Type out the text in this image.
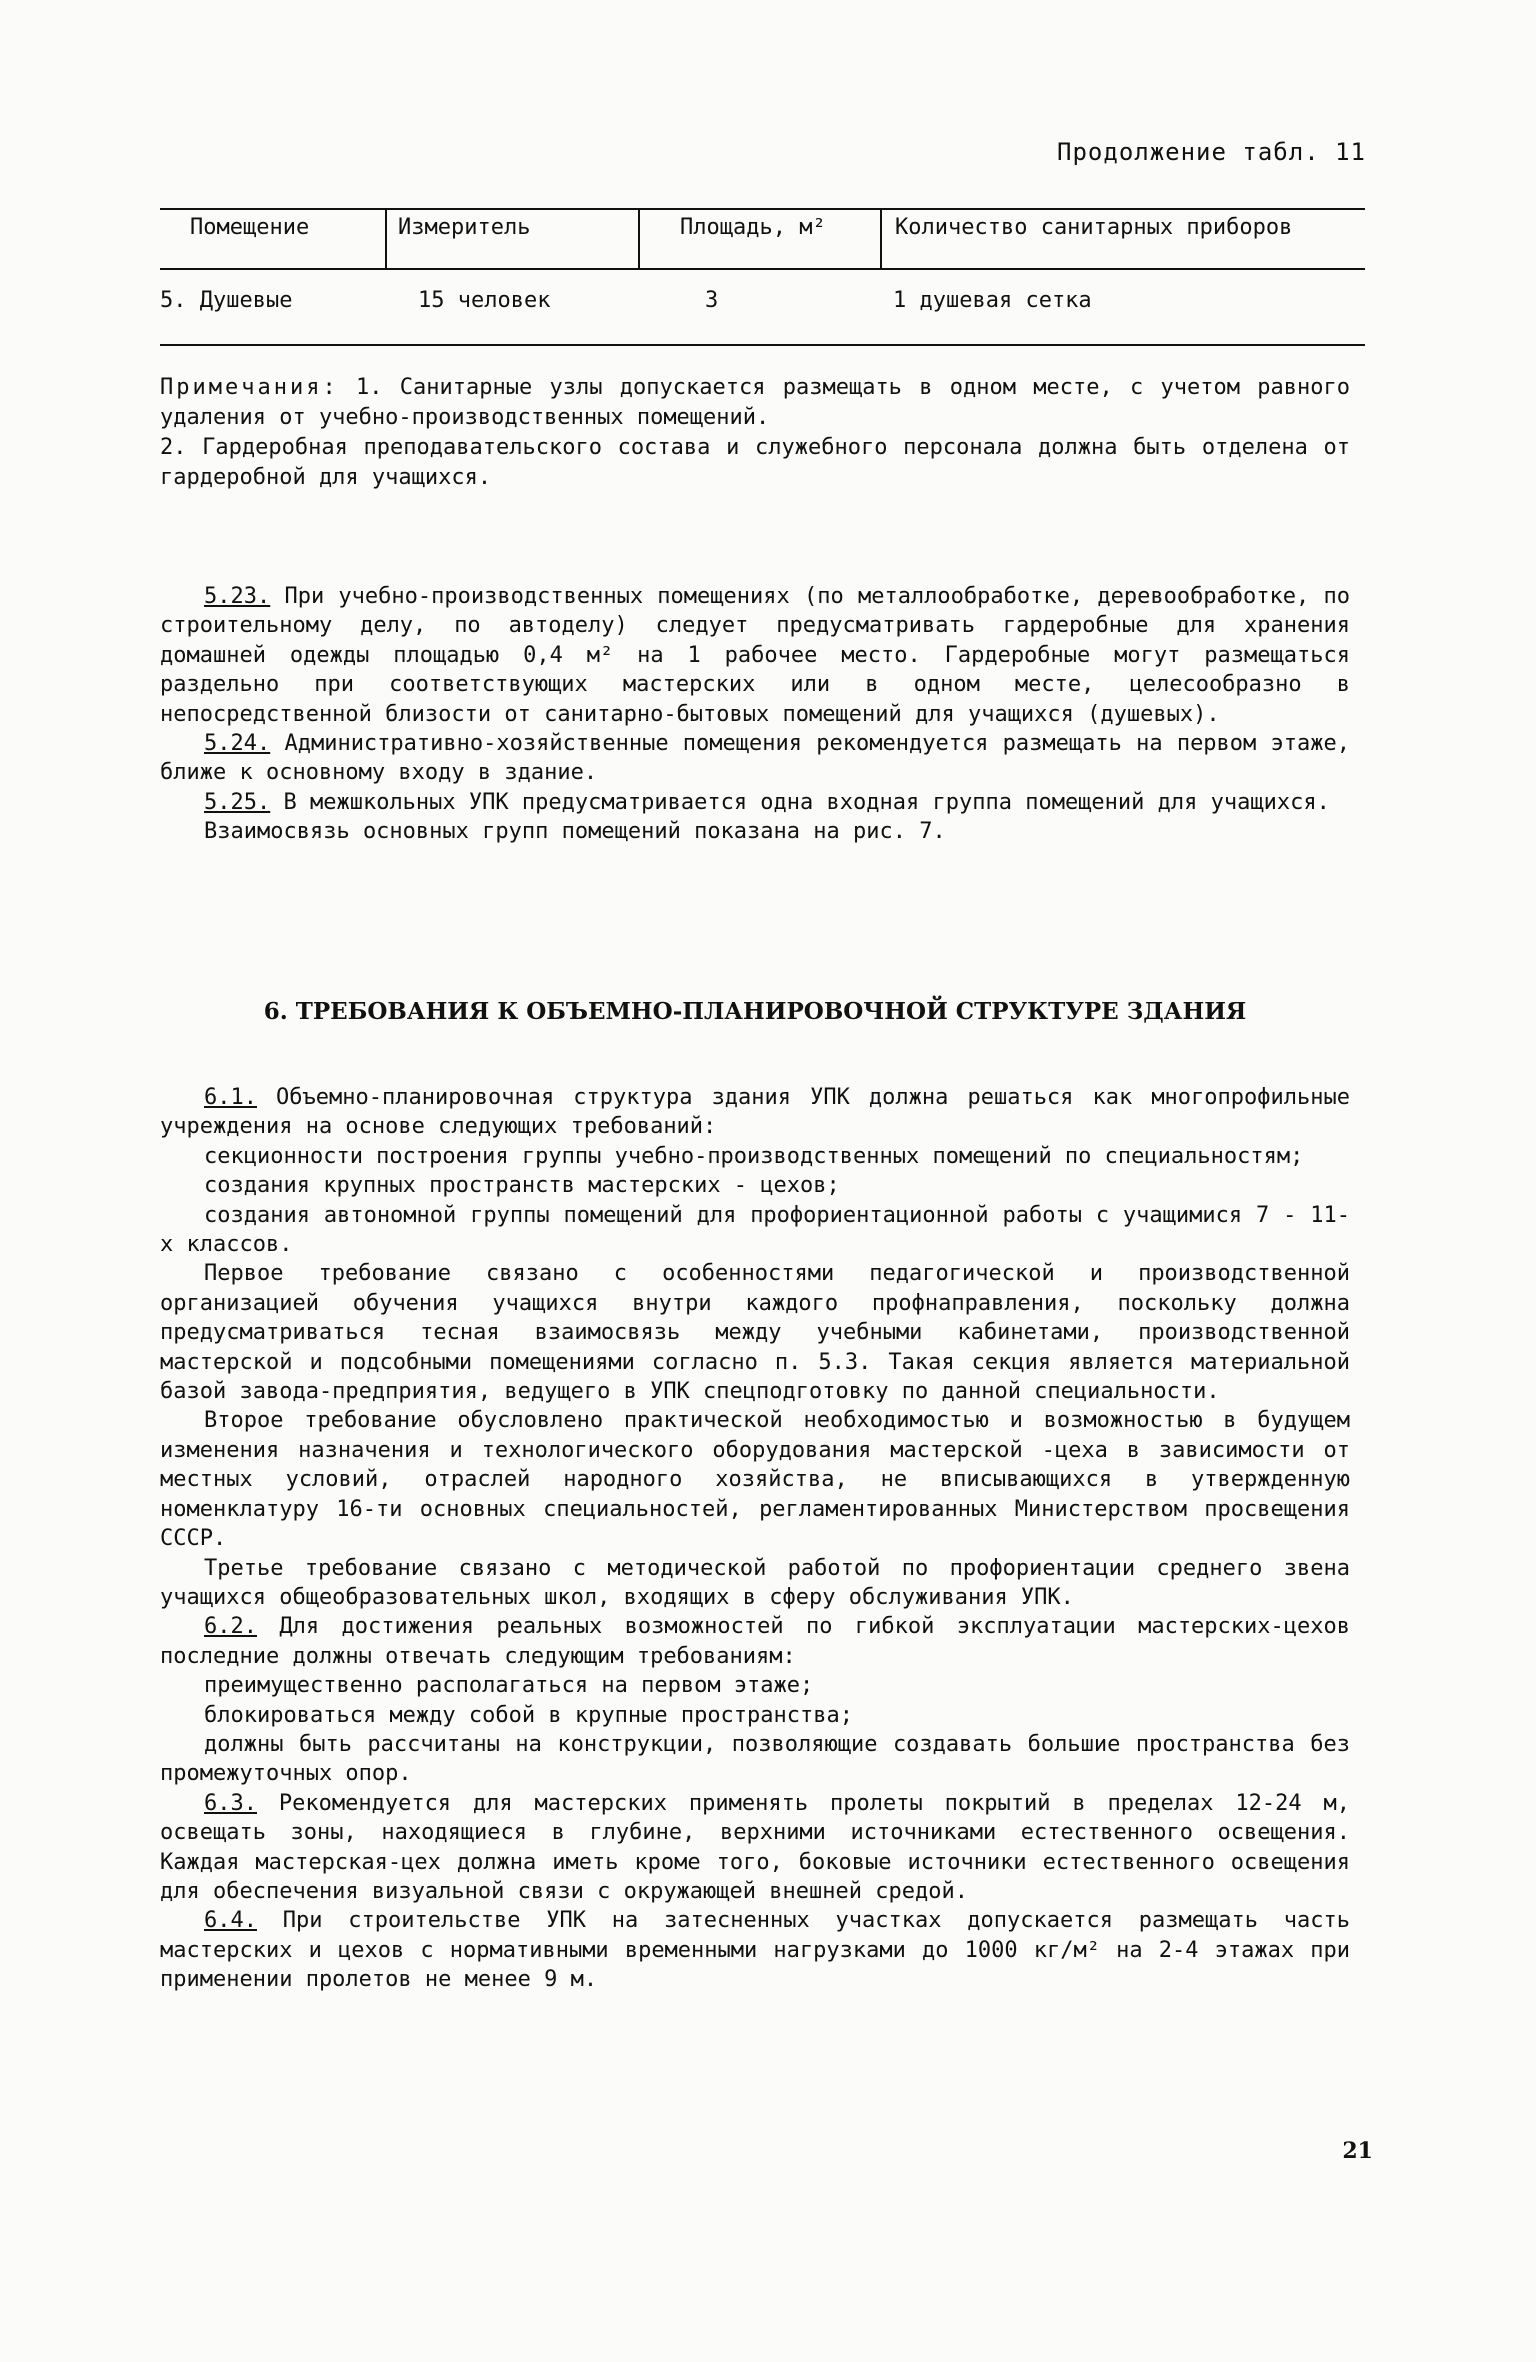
Продолжение табл. 11
Помещение	Измеритель	Площадь, м²	Количество санитарных приборов
5. Душевые	15 человек	3	1 душевая сетка

Примечания: 1. Санитарные узлы допускается размещать в одном месте, с учетом равного удаления от учебно-производственных помещений.

2. Гардеробная преподавательского состава и служебного персонала должна быть отделена от гардеробной для учащихся.

5.23. При учебно-производственных помещениях (по металлообработке, деревообработке, по строительному делу, по автоделу) следует предусматривать гардеробные для хранения домашней одежды площадью 0,4 м² на 1 рабочее место. Гардеробные могут размещаться раздельно при соответствующих мастерских или в одном месте, целесообразно в непосредственной близости от санитарно-бытовых помещений для учащихся (душевых).

5.24. Административно-хозяйственные помещения рекомендуется размещать на первом этаже, ближе к основному входу в здание.

5.25. В межшкольных УПК предусматривается одна входная группа помещений для учащихся.

Взаимосвязь основных групп помещений показана на рис. 7.

6. ТРЕБОВАНИЯ К ОБЪЕМНО-ПЛАНИРОВОЧНОЙ СТРУКТУРЕ ЗДАНИЯ

6.1. Объемно-планировочная структура здания УПК должна решаться как многопрофильные учреждения на основе следующих требований:

секционности построения группы учебно-производственных помещений по специальностям;

создания крупных пространств мастерских - цехов;

создания автономной группы помещений для профориентационной работы с учащимися 7 - 11-х классов.

Первое требование связано с особенностями педагогической и производственной организацией обучения учащихся внутри каждого профнаправления, поскольку должна предусматриваться тесная взаимосвязь между учебными кабинетами, производственной мастерской и подсобными помещениями согласно п. 5.3. Такая секция является материальной базой завода-предприятия, ведущего в УПК спецподготовку по данной специальности.

Второе требование обусловлено практической необходимостью и возможностью в будущем изменения назначения и технологического оборудования мастерской -цеха в зависимости от местных условий, отраслей народного хозяйства, не вписывающихся в утвержденную номенклатуру 16-ти основных специальностей, регламентированных Министерством просвещения СССР.

Третье требование связано с методической работой по профориентации среднего звена учащихся общеобразовательных школ, входящих в сферу обслуживания УПК.

6.2. Для достижения реальных возможностей по гибкой эксплуатации мастерских-цехов последние должны отвечать следующим требованиям:

преимущественно располагаться на первом этаже;

блокироваться между собой в крупные пространства;

должны быть рассчитаны на конструкции, позволяющие создавать большие пространства без промежуточных опор.

6.3. Рекомендуется для мастерских применять пролеты покрытий в пределах 12-24 м, освещать зоны, находящиеся в глубине, верхними источниками естественного освещения. Каждая мастерская-цех должна иметь кроме того, боковые источники естественного освещения для обеспечения визуальной связи с окружающей внешней средой.

6.4. При строительстве УПК на затесненных участках допускается размещать часть мастерских и цехов с нормативными временными нагрузками до 1000 кг/м² на 2-4 этажах при применении пролетов не менее 9 м.

21
